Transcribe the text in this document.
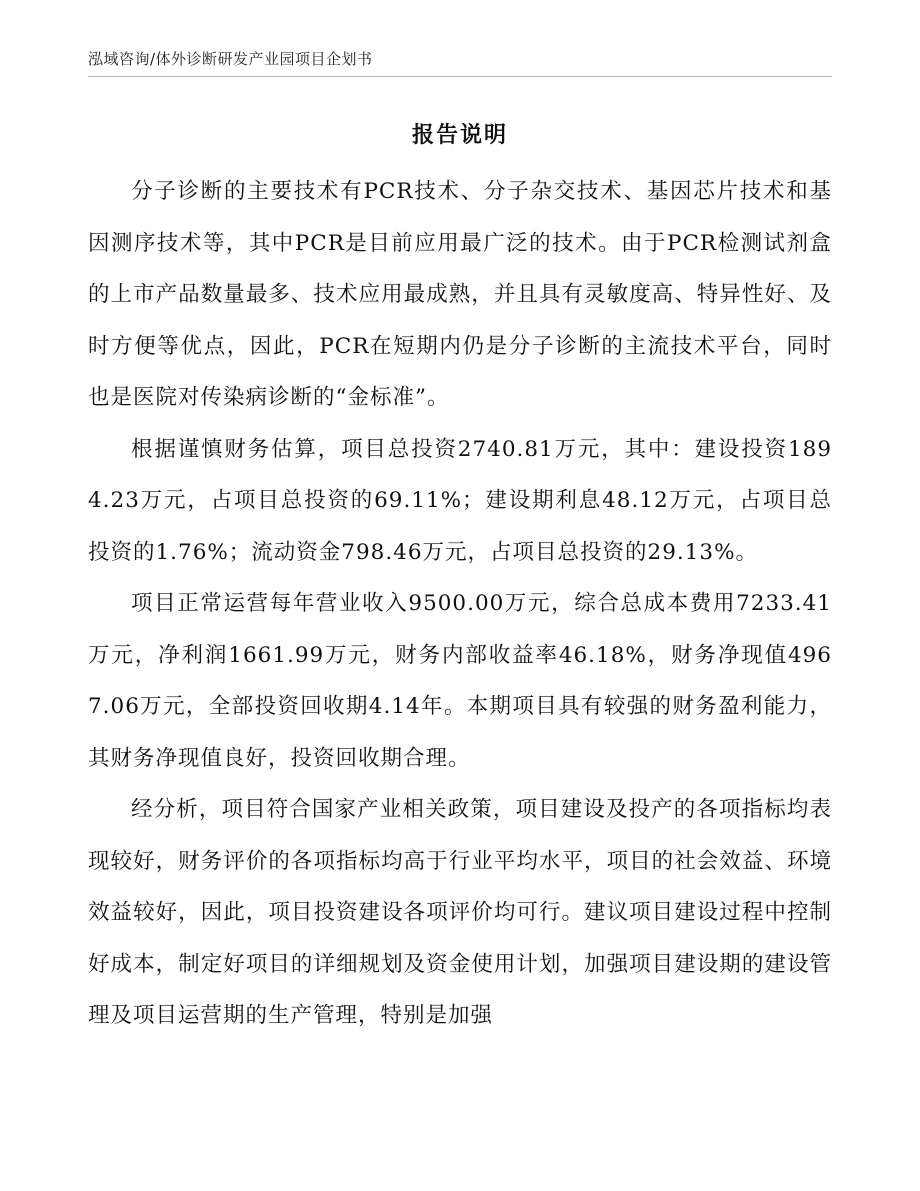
泓域咨询/体外诊断研发产业园项目企划书
报告说明

分子诊断的主要技术有PCR技术、分子杂交技术、基因芯片技术和基因测序技术等，其中PCR是目前应用最广泛的技术。由于PCR检测试剂盒的上市产品数量最多、技术应用最成熟，并且具有灵敏度高、特异性好、及时方便等优点，因此，PCR在短期内仍是分子诊断的主流技术平台，同时也是医院对传染病诊断的“金标准”。

根据谨慎财务估算，项目总投资2740.81万元，其中：建设投资1894.23万元，占项目总投资的69.11%；建设期利息48.12万元，占项目总投资的1.76%；流动资金798.46万元，占项目总投资的29.13%。

项目正常运营每年营业收入9500.00万元，综合总成本费用7233.41万元，净利润1661.99万元，财务内部收益率46.18%，财务净现值4967.06万元，全部投资回收期4.14年。本期项目具有较强的财务盈利能力，其财务净现值良好，投资回收期合理。

经分析，项目符合国家产业相关政策，项目建设及投产的各项指标均表现较好，财务评价的各项指标均高于行业平均水平，项目的社会效益、环境效益较好，因此，项目投资建设各项评价均可行。建议项目建设过程中控制好成本，制定好项目的详细规划及资金使用计划，加强项目建设期的建设管理及项目运营期的生产管理，特别是加强
